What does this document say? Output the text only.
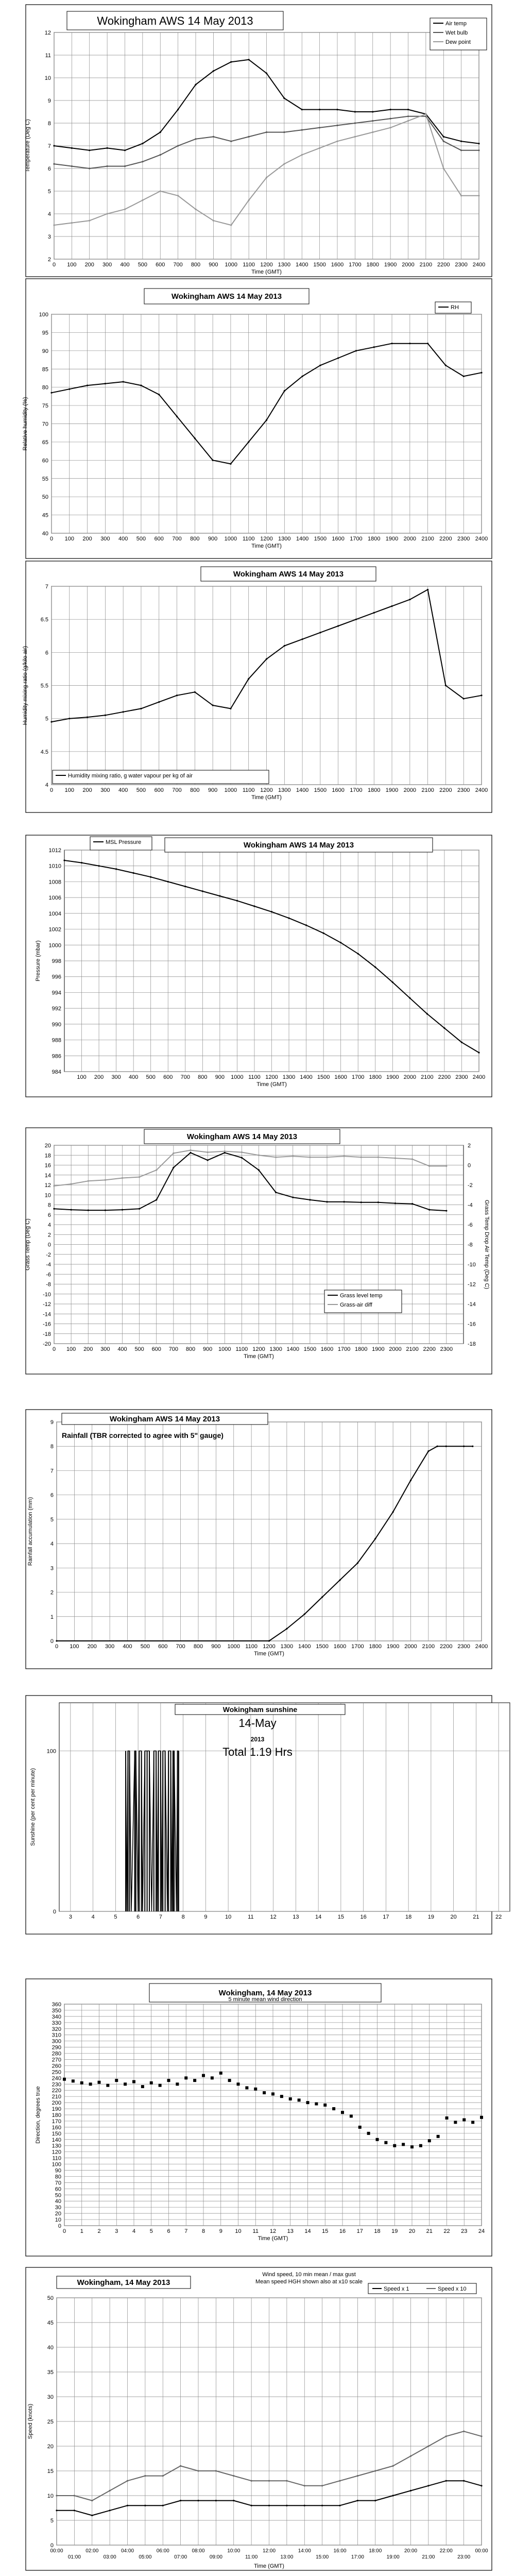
2
3
4
5
6
7
8
9
10
11
12
0 100 200 300 400 500 600 700 800 900 1000 1100 1200 1300 1400 1500 1600 1700 1800 1900 2000 2100 2200 2300 2400
Time (GMT)
Temperature (Deg C)
Wokingham AWS 14 May 2013	Air temp
Wet bulb
Dew point
40
45
50
55
60
65
70
75
80
85
90
95
100
0 100 200 300 400 500 600 700 800 900 1000 1100 1200 1300 1400 1500 1600 1700 1800 1900 2000 2100 2200 2300 2400
Time (GMT)
Relative humidity (%)
Wokingham AWS 14 May 2013
RH
4
4.5
5
5.5
6
6.5
7
0 100 200 300 400 500 600 700 800 900 1000 1100 1200 1300 1400 1500 1600 1700 1800 1900 2000 2100 2200 2300 2400
Time (GMT)
Humidity mixing ratio (g/kilo air)
Wokingham AWS 14 May 2013
Humidity mixing ratio, g water vapour per kg of air
984
986
988
990
992
994
996
998
1000
1002
1004
1006
1008
1010
1012
100 200 300 400 500 600 700 800 900 1000 1100 1200 1300 1400 1500 1600 1700 1800 1900 2000 2100 2200 2300 2400
Time (GMT)
Pressure (mbar)
Wokingham AWS 14 May 2013
MSL Pressure
20
18
16
14
12
10
8
6
4
2
0
-2
-4
-6
-8
-10
-12
-14
-16
-18
-20
0 100 200 300 400 500 600 700 800 900 1000 1100 1200 1300 1400 1500 1600 1700 1800 1900 2000 2100 2200 2300
2
0
-2
-4
-6
-8
-10
-12
-14
-16
-18
Grass Temp Drop Air Temp (Deg C)
Time (GMT)
Grass Temp (Deg C)
Wokingham AWS 14 May 2013
Grass level temp
Grass-air diff
0
1
2
3
4
5
6
7
8
9
0 100 200 300 400 500 600 700 800 900 1000 1100 1200 1300 1400 1500 1600 1700 1800 1900 2000 2100 2200 2300 2400
Time (GMT)
Rainfall accumulation (mm)
Wokingham AWS 14 May 2013
Rainfall (TBR corrected to agree with 5" gauge)
0
100
3	4	5	6	7	8	9	10	11	12	13	14	15	16	17	18	19	20	21	22
Sunshine (per cent per minute)
Wokingham sunshine
14-May
2013
Total 1.19 Hrs
0
10
20
30
40
50
60
70
80
90
100
110
120
130
140
150
160
170
180
190
200
210
220
230
240
250
260
270
280
290
300
310
320
330
340
350
360
0	1	2	3	4	5	6	7	8	9 10 11 12 13 14 15 16 17 18 19 20 21 22 23 24
Time (GMT)
Direction, degrees true
Wokingham, 14 May 2013
5 minute mean wind direction
0
5
10
15
20
25
30
35
40
45
50
00:00
01:00
02:00
03:00
04:00
05:00
06:00
07:00
08:00
09:00
10:00
11:00
12:00
13:00
14:00
15:00
16:00
17:00
18:00
19:00
20:00
21:00
22:00
23:00
00:00
Time (GMT)
Speed (knots)
Wokingham, 14 May 2013
Wind speed, 10 min mean / max gust
Mean speed HGH shown also at x10 scale
Speed x 1	Speed x 10
